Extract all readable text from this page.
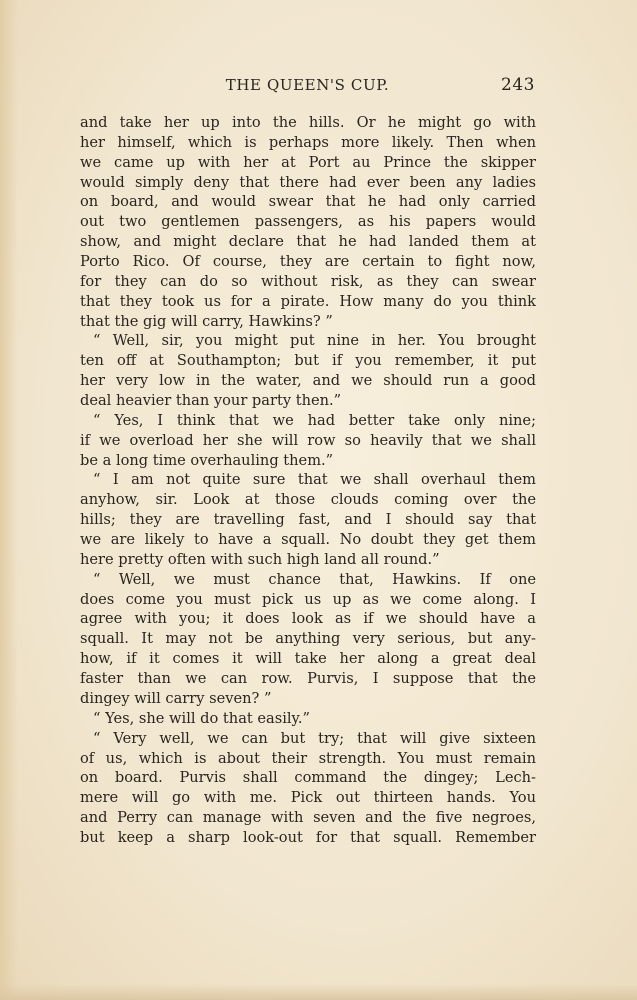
THE QUEEN'S CUP.	243
and take her up into the hills. Or he might go with
her himself, which is perhaps more likely. Then when
we came up with her at Port au Prince the skipper
would simply deny that there had ever been any ladies
on board, and would swear that he had only carried
out two gentlemen passengers, as his papers would
show, and might declare that he had landed them at
Porto Rico. Of course, they are certain to fight now,
for they can do so without risk, as they can swear
that they took us for a pirate. How many do you think
that the gig will carry, Hawkins? ”
“ Well, sir, you might put nine in her. You brought
ten off at Southampton; but if you remember, it put
her very low in the water, and we should run a good
deal heavier than your party then.”
“ Yes, I think that we had better take only nine;
if we overload her she will row so heavily that we shall
be a long time overhauling them.”
“ I am not quite sure that we shall overhaul them
anyhow, sir. Look at those clouds coming over the
hills; they are travelling fast, and I should say that
we are likely to have a squall. No doubt they get them
here pretty often with such high land all round.”
“ Well, we must chance that, Hawkins. If one
does come you must pick us up as we come along. I
agree with you; it does look as if we should have a
squall. It may not be anything very serious, but any-
how, if it comes it will take her along a great deal
faster than we can row. Purvis, I suppose that the
dingey will carry seven? ”
“ Yes, she will do that easily.”
“ Very well, we can but try; that will give sixteen
of us, which is about their strength. You must remain
on board. Purvis shall command the dingey; Lech-
mere will go with me. Pick out thirteen hands. You
and Perry can manage with seven and the five negroes,
but keep a sharp look-out for that squall. Remember
